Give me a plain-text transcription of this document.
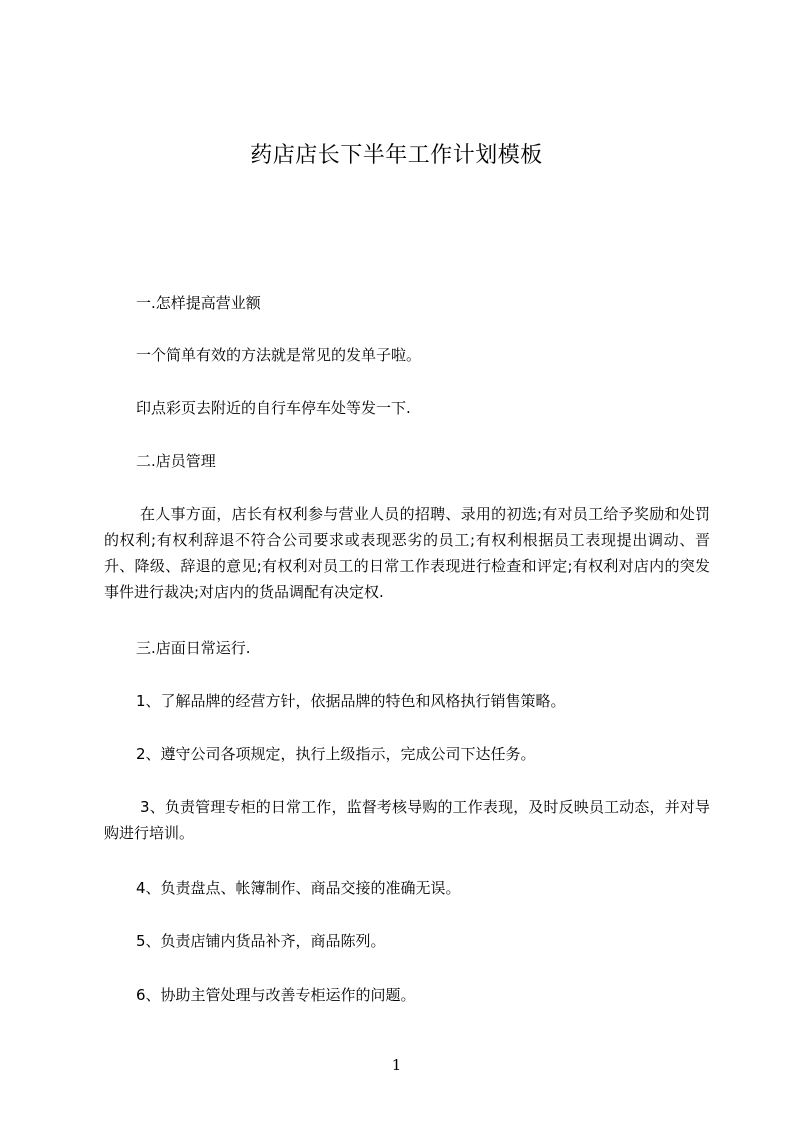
药店店长下半年工作计划模板

一.怎样提高营业额

一个简单有效的方法就是常见的发单子啦。

印点彩页去附近的自行车停车处等发一下.

二.店员管理

在人事方面，店长有权利参与营业人员的招聘、录用的初选;有对员工给予奖励和处罚的权利;有权利辞退不符合公司要求或表现恶劣的员工;有权利根据员工表现提出调动、晋升、降级、辞退的意见;有权利对员工的日常工作表现进行检查和评定;有权利对店内的突发事件进行裁决;对店内的货品调配有决定权.

三.店面日常运行.

1、了解品牌的经营方针，依据品牌的特色和风格执行销售策略。

2、遵守公司各项规定，执行上级指示，完成公司下达任务。

3、负责管理专柜的日常工作，监督考核导购的工作表现，及时反映员工动态，并对导购进行培训。

4、负责盘点、帐簿制作、商品交接的准确无误。

5、负责店铺内货品补齐，商品陈列。

6、协助主管处理与改善专柜运作的问题。

1
